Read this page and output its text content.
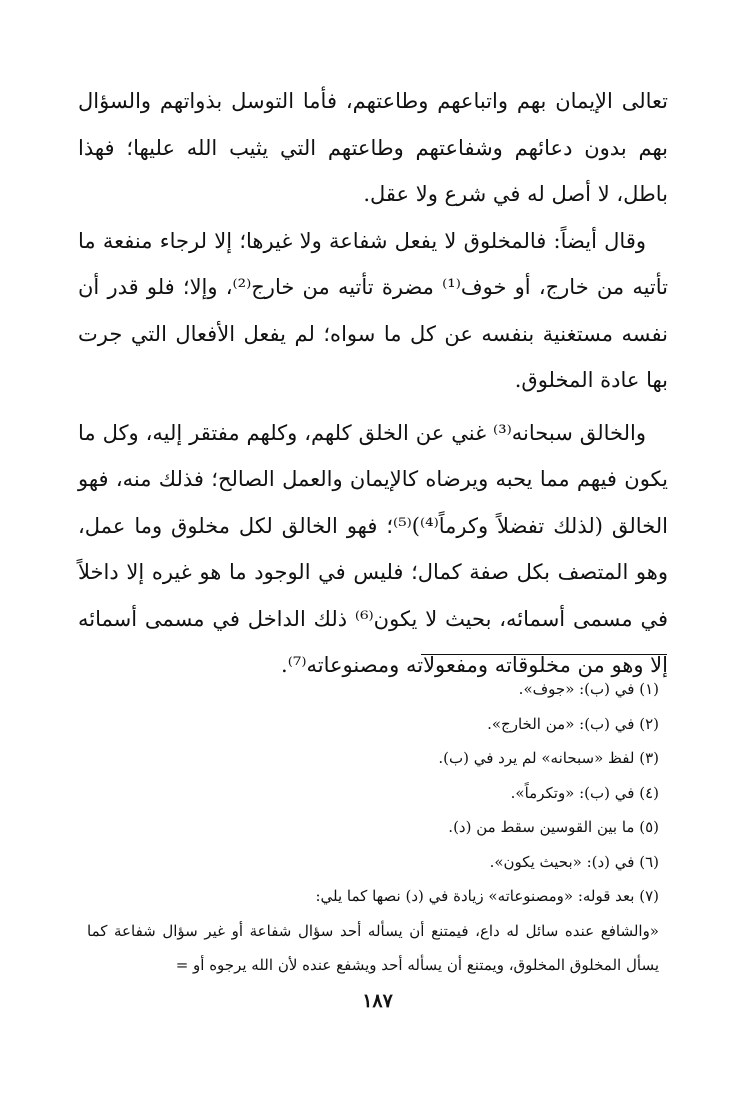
تعالى الإيمان بهم واتباعهم وطاعتهم، فأما التوسل بذواتهم والسؤال بهم بدون دعائهم وشفاعتهم وطاعتهم التي يثيب الله عليها؛ فهذا باطل، لا أصل له في شرع ولا عقل.

وقال أيضاً: فالمخلوق لا يفعل شفاعة ولا غيرها؛ إلا لرجاء منفعة ما تأتيه من خارج، أو خوف⁽¹⁾ مضرة تأتيه من خارج⁽²⁾، وإلا؛ فلو قدر أن نفسه مستغنية بنفسه عن كل ما سواه؛ لم يفعل الأفعال التي جرت بها عادة المخلوق.

والخالق سبحانه⁽³⁾ غني عن الخلق كلهم، وكلهم مفتقر إليه، وكل ما يكون فيهم مما يحبه ويرضاه كالإيمان والعمل الصالح؛ فذلك منه، فهو الخالق (لذلك تفضلاً وكرماً⁽⁴⁾)⁽⁵⁾؛ فهو الخالق لكل مخلوق وما عمل، وهو المتصف بكل صفة كمال؛ فليس في الوجود ما هو غيره إلا داخلاً في مسمى أسمائه، بحيث لا يكون⁽⁶⁾ ذلك الداخل في مسمى أسمائه إلا وهو من مخلوقاته ومفعولاته ومصنوعاته⁽⁷⁾.

(١) في (ب): «جوف».

(٢) في (ب): «من الخارج».

(٣) لفظ «سبحانه» لم يرد في (ب).

(٤) في (ب): «وتكرماً».

(٥) ما بين القوسين سقط من (د).

(٦) في (د): «بحيث يكون».

(٧) بعد قوله: «ومصنوعاته» زيادة في (د) نصها كما يلي:

«والشافع عنده سائل له داع، فيمتنع أن يسأله أحد سؤال شفاعة أو غير سؤال شفاعة كما يسأل المخلوق المخلوق، ويمتنع أن يسأله أحد ويشفع عنده لأن الله يرجوه أو =

١٨٧
